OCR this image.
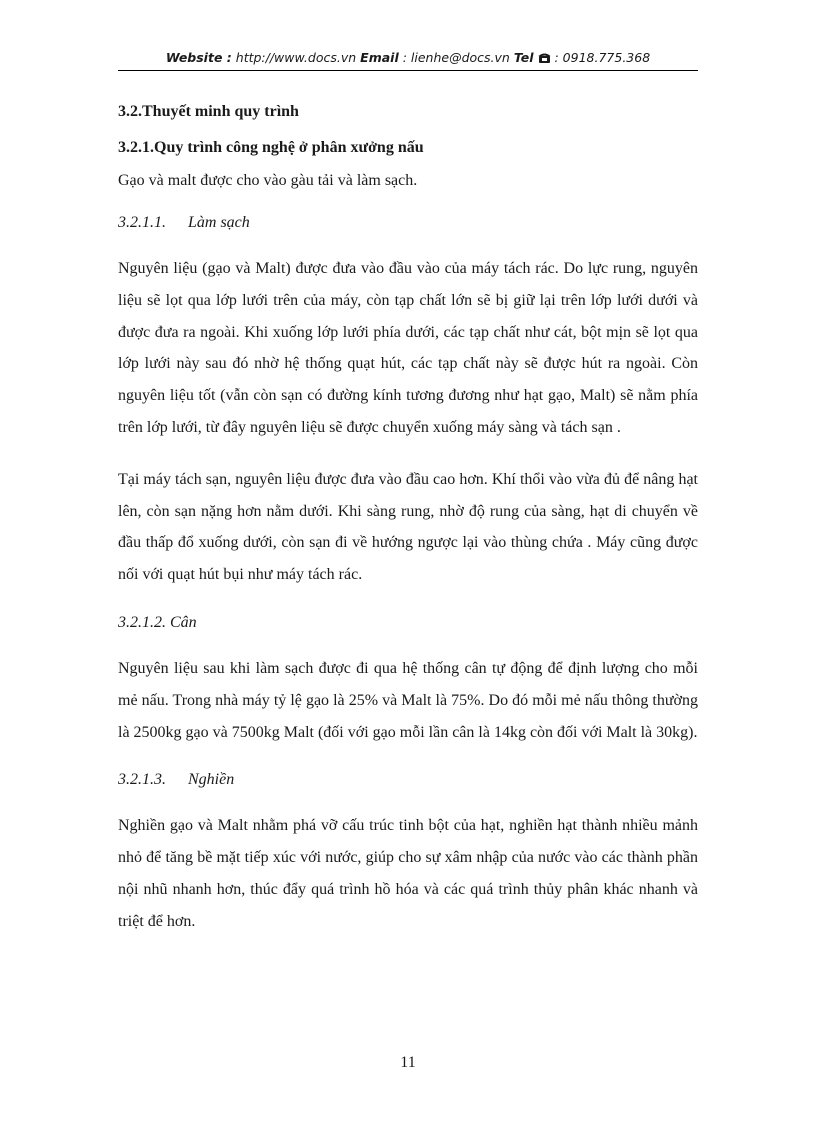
Website : http://www.docs.vn Email : lienhe@docs.vn Tel : 0918.775.368

3.2.Thuyết minh quy trình

3.2.1.Quy trình công nghệ ở phân xưởng nấu

Gạo và malt được cho vào gàu tải và làm sạch.

3.2.1.1. Làm sạch

Nguyên liệu (gạo và Malt) được đưa vào đầu vào của máy tách rác. Do lực rung, nguyên liệu sẽ lọt qua lớp lưới trên của máy, còn tạp chất lớn sẽ bị giữ lại trên lớp lưới dưới và được đưa ra ngoài. Khi xuống lớp lưới phía dưới, các tạp chất như cát, bột mịn sẽ lọt qua lớp lưới này sau đó nhờ hệ thống quạt hút, các tạp chất này sẽ được hút ra ngoài. Còn nguyên liệu tốt (vẫn còn sạn có đường kính tương đương như hạt gạo, Malt) sẽ nằm phía trên lớp lưới, từ đây nguyên liệu sẽ được chuyển xuống máy sàng và tách sạn .

Tại máy tách sạn, nguyên liệu được đưa vào đầu cao hơn. Khí thổi vào vừa đủ để nâng hạt lên, còn sạn nặng hơn nằm dưới. Khi sàng rung, nhờ độ rung của sàng, hạt di chuyển về đầu thấp đổ xuống dưới, còn sạn đi về hướng ngược lại vào thùng chứa . Máy cũng được nối với quạt hút bụi như máy tách rác.

3.2.1.2. Cân

Nguyên liệu sau khi làm sạch được đi qua hệ thống cân tự động để định lượng cho mỗi mẻ nấu. Trong nhà máy tỷ lệ gạo là 25% và Malt là 75%. Do đó mỗi mẻ nấu thông thường là 2500kg gạo và 7500kg Malt (đối với gạo mỗi lần cân là 14kg còn đối với Malt là 30kg).

3.2.1.3. Nghiền

Nghiền gạo và Malt nhằm phá vỡ cấu trúc tinh bột của hạt, nghiền hạt thành nhiều mảnh nhỏ để tăng bề mặt tiếp xúc với nước, giúp cho sự xâm nhập của nước vào các thành phần nội nhũ nhanh hơn, thúc đẩy quá trình hồ hóa và các quá trình thủy phân khác nhanh và triệt để hơn.

11
